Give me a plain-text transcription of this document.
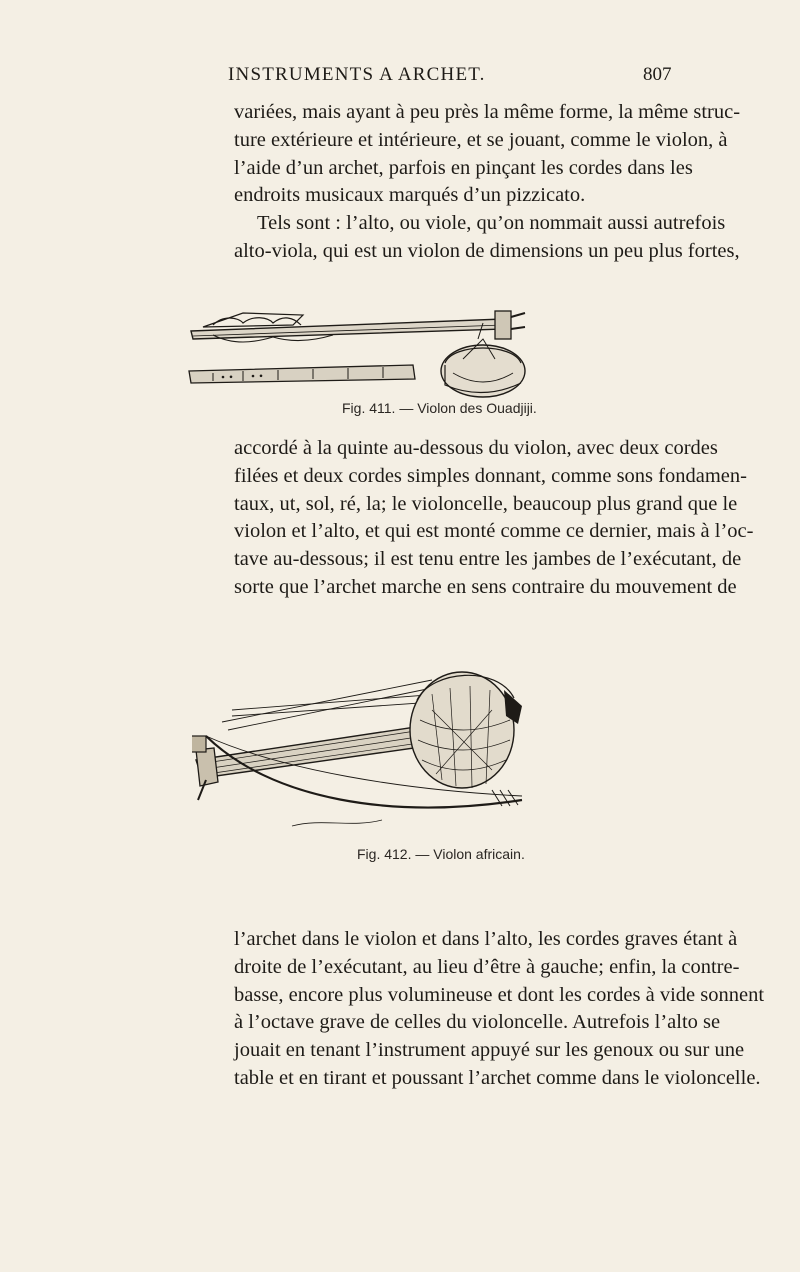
INSTRUMENTS A ARCHET.	807

variées, mais ayant à peu près la même forme, la même struc-
ture extérieure et intérieure, et se jouant, comme le violon, à
l’aide d’un archet, parfois en pinçant les cordes dans les
endroits musicaux marqués d’un pizzicato.
Tels sont : l’alto, ou viole, qu’on nommait aussi autrefois
alto-viola, qui est un violon de dimensions un peu plus fortes,

Fig. 411. — Violon des Ouadjiji.

accordé à la quinte au-dessous du violon, avec deux cordes
filées et deux cordes simples donnant, comme sons fondamen-
taux, ut, sol, ré, la; le violoncelle, beaucoup plus grand que le
violon et l’alto, et qui est monté comme ce dernier, mais à l’oc-
tave au-dessous; il est tenu entre les jambes de l’exécutant, de
sorte que l’archet marche en sens contraire du mouvement de

Fig. 412. — Violon africain.

l’archet dans le violon et dans l’alto, les cordes graves étant à
droite de l’exécutant, au lieu d’être à gauche; enfin, la contre-
basse, encore plus volumineuse et dont les cordes à vide sonnent
à l’octave grave de celles du violoncelle. Autrefois l’alto se
jouait en tenant l’instrument appuyé sur les genoux ou sur une
table et en tirant et poussant l’archet comme dans le violoncelle.
